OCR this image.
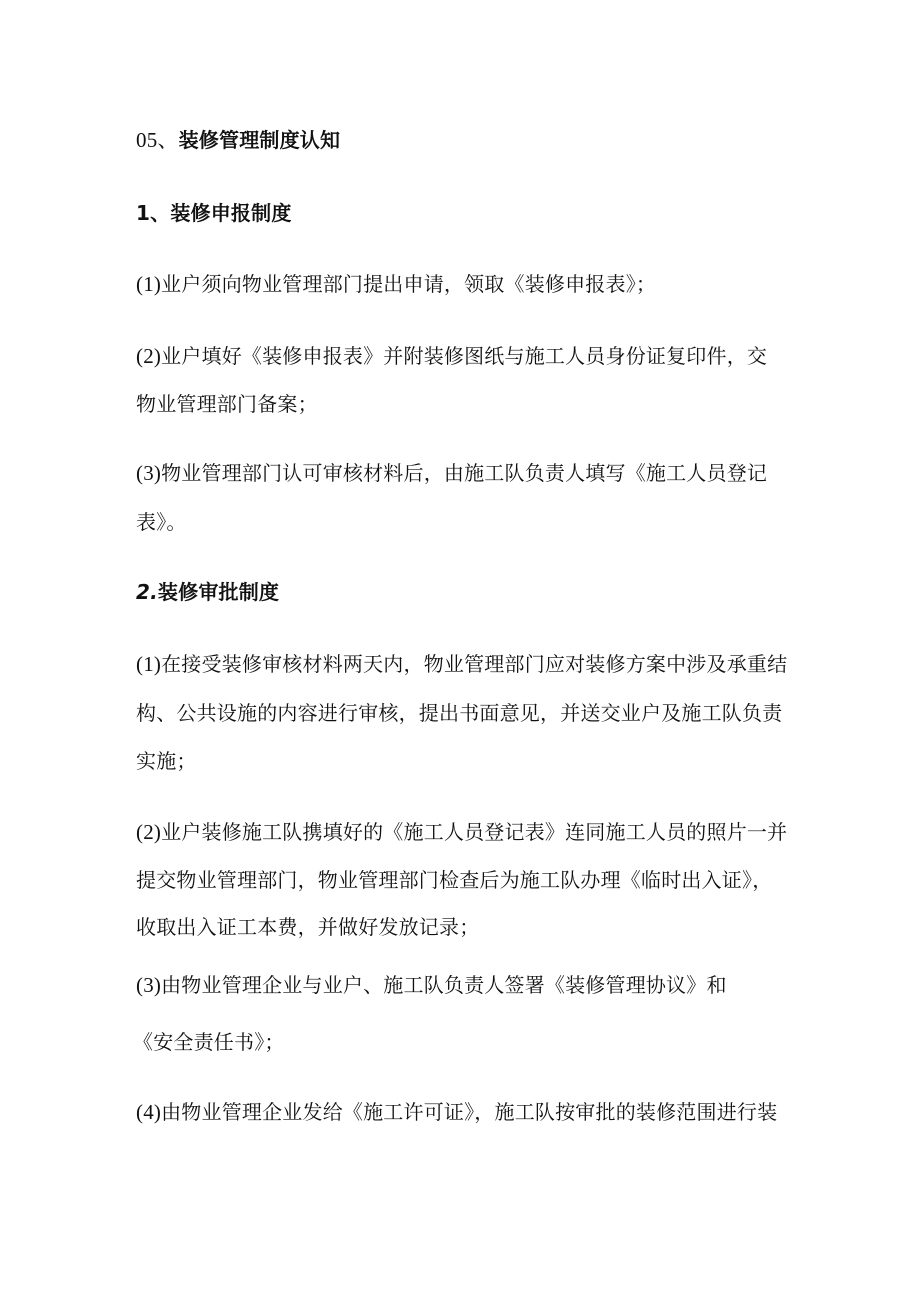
05、装修管理制度认知
1、装修申报制度
(1)业户须向物业管理部门提出申请，领取《装修申报表》；
(2)业户填好《装修申报表》并附装修图纸与施工人员身份证复印件，交
物业管理部门备案；
(3)物业管理部门认可审核材料后，由施工队负责人填写《施工人员登记
表》。
2.装修审批制度
(1)在接受装修审核材料两天内，物业管理部门应对装修方案中涉及承重结
构、公共设施的内容进行审核，提出书面意见，并送交业户及施工队负责
实施；
(2)业户装修施工队携填好的《施工人员登记表》连同施工人员的照片一并
提交物业管理部门，物业管理部门检查后为施工队办理《临时出入证》，
收取出入证工本费，并做好发放记录；
(3)由物业管理企业与业户、施工队负责人签署《装修管理协议》和
《安全责任书》；
(4)由物业管理企业发给《施工许可证》，施工队按审批的装修范围进行装
